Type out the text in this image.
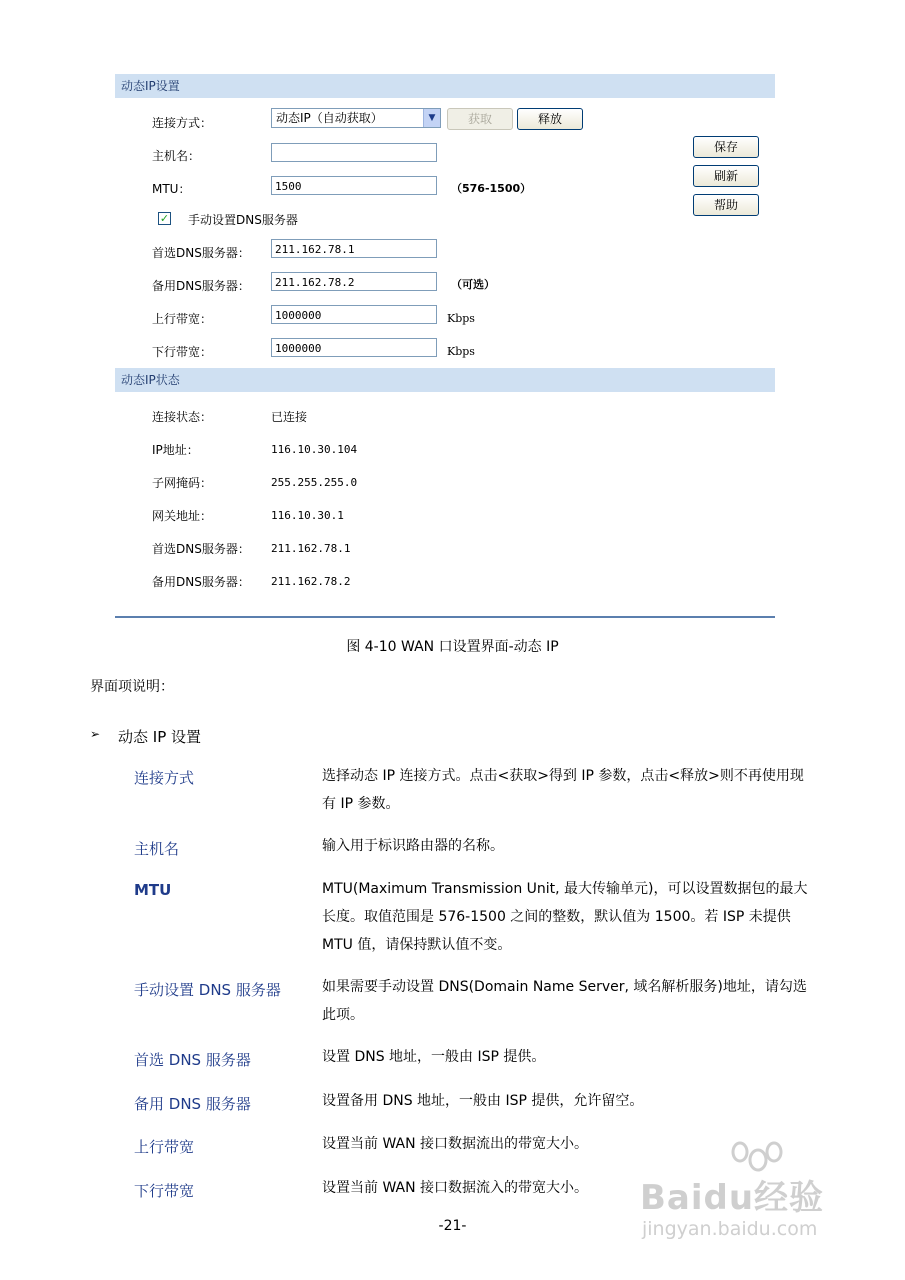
动态IP设置
连接方式：	动态IP（自动获取）	▼	获取	释放
主机名：
MTU：	1500	（576-1500）
✓ 手动设置DNS服务器
首选DNS服务器：	211.162.78.1
备用DNS服务器：	211.162.78.2	（可选）
上行带宽：	1000000	Kbps
下行带宽：	1000000	Kbps
保存
刷新
帮助
动态IP状态
连接状态：	已连接
IP地址：	116.10.30.104
子网掩码：	255.255.255.0
网关地址：	116.10.30.1
首选DNS服务器： 211.162.78.1
备用DNS服务器： 211.162.78.2
图 4-10 WAN 口设置界面-动态 IP
界面项说明：
➢ 动态 IP 设置
连接方式	选择动态 IP 连接方式。点击<获取>得到 IP 参数，点击<释放>则不再使用现有 IP 参数。
主机名	输入用于标识路由器的名称。
MTU	MTU(Maximum Transmission Unit, 最大传输单元)，可以设置数据包的最大长度。取值范围是 576-1500 之间的整数，默认值为 1500。若 ISP 未提供 MTU 值，请保持默认值不变。
手动设置 DNS 服务器	如果需要手动设置 DNS(Domain Name Server, 域名解析服务)地址，请勾选此项。
首选 DNS 服务器	设置 DNS 地址，一般由 ISP 提供。
备用 DNS 服务器	设置备用 DNS 地址，一般由 ISP 提供，允许留空。
上行带宽	设置当前 WAN 接口数据流出的带宽大小。
下行带宽	设置当前 WAN 接口数据流入的带宽大小。
-21-
Baidu经验
jingyan.baidu.com
